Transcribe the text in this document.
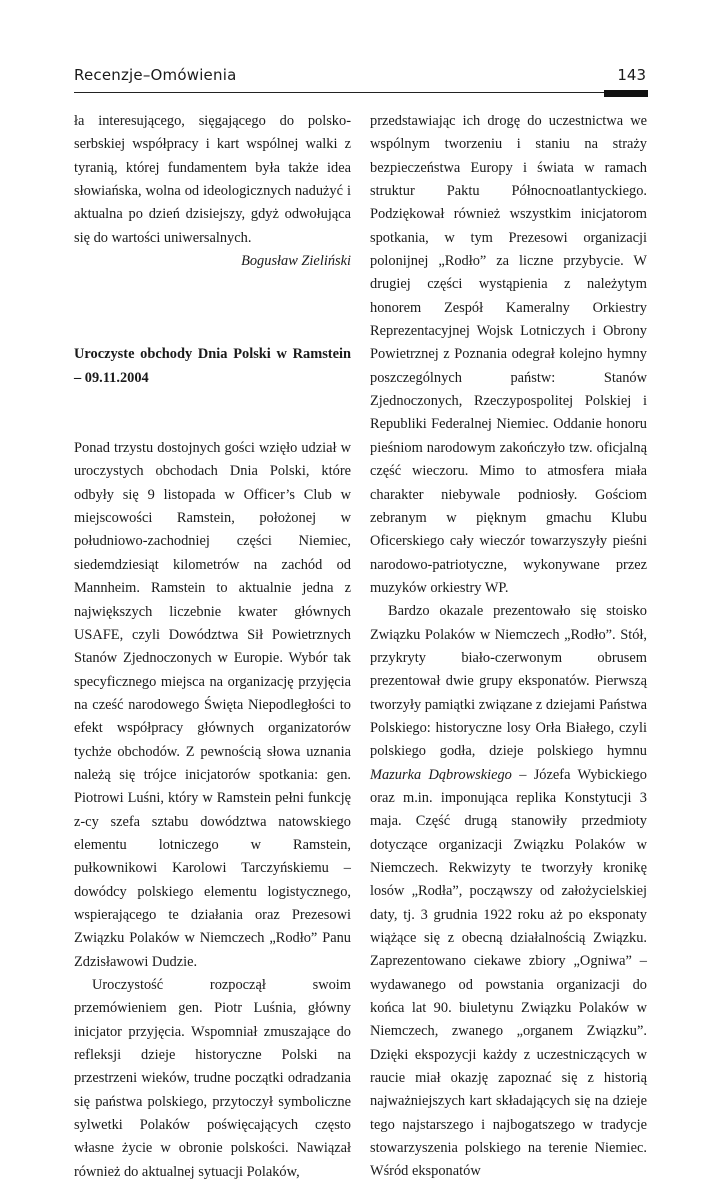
Recenzje–Omówienia	143

ła interesującego, sięgającego do polsko-serbskiej współpracy i kart wspólnej walki z tyranią, której fundamentem była także idea słowiańska, wolna od ideologicznych nadużyć i aktualna po dzień dzisiejszy, gdyż odwołująca się do wartości uniwersalnych.

Bogusław Zieliński

Uroczyste obchody Dnia Polski w Ramstein – 09.11.2004

Ponad trzystu dostojnych gości wzięło udział w uroczystych obchodach Dnia Polski, które odbyły się 9 listopada w Officer’s Club w miejscowości Ramstein, położonej w południowo-zachodniej części Niemiec, siedemdziesiąt kilometrów na zachód od Mannheim. Ramstein to aktualnie jedna z największych liczebnie kwater głównych USAFE, czyli Dowództwa Sił Powietrznych Stanów Zjednoczonych w Europie. Wybór tak specyficznego miejsca na organizację przyjęcia na cześć narodowego Święta Niepodległości to efekt współpracy głównych organizatorów tychże obchodów. Z pewnością słowa uznania należą się trójce inicjatorów spotkania: gen. Piotrowi Luśni, który w Ramstein pełni funkcję z-cy szefa sztabu dowództwa natowskiego elementu lotniczego w Ramstein, pułkownikowi Karolowi Tarczyńskiemu – dowódcy polskiego elementu logistycznego, wspierającego te działania oraz Prezesowi Związku Polaków w Niemczech „Rodło” Panu Zdzisławowi Dudzie.

Uroczystość rozpoczął swoim przemówieniem gen. Piotr Luśnia, główny inicjator przyjęcia. Wspomniał zmuszające do refleksji dzieje historyczne Polski na przestrzeni wieków, trudne początki odradzania się państwa polskiego, przytoczył symboliczne sylwetki Polaków poświęcających często własne życie w obronie polskości. Nawiązał również do aktualnej sytuacji Polaków,

przedstawiając ich drogę do uczestnictwa we wspólnym tworzeniu i staniu na straży bezpieczeństwa Europy i świata w ramach struktur Paktu Północnoatlantyckiego. Podziękował również wszystkim inicjatorom spotkania, w tym Prezesowi organizacji polonijnej „Rodło” za liczne przybycie. W drugiej części wystąpienia z należytym honorem Zespół Kameralny Orkiestry Reprezentacyjnej Wojsk Lotniczych i Obrony Powietrznej z Poznania odegrał kolejno hymny poszczególnych państw: Stanów Zjednoczonych, Rzeczypospolitej Polskiej i Republiki Federalnej Niemiec. Oddanie honoru pieśniom narodowym zakończyło tzw. oficjalną część wieczoru. Mimo to atmosfera miała charakter niebywale podniosły. Gościom zebranym w pięknym gmachu Klubu Oficerskiego cały wieczór towarzyszyły pieśni narodowo-patriotyczne, wykonywane przez muzyków orkiestry WP.

Bardzo okazale prezentowało się stoisko Związku Polaków w Niemczech „Rodło”. Stół, przykryty biało-czerwonym obrusem prezentował dwie grupy eksponatów. Pierwszą tworzyły pamiątki związane z dziejami Państwa Polskiego: historyczne losy Orła Białego, czyli polskiego godła, dzieje polskiego hymnu Mazurka Dąbrowskiego – Józefa Wybickiego oraz m.in. imponująca replika Konstytucji 3 maja. Część drugą stanowiły przedmioty dotyczące organizacji Związku Polaków w Niemczech. Rekwizyty te tworzyły kronikę losów „Rodła”, począwszy od założycielskiej daty, tj. 3 grudnia 1922 roku aż po eksponaty wiążące się z obecną działalnością Związku. Zaprezentowano ciekawe zbiory „Ogniwa” – wydawanego od powstania organizacji do końca lat 90. biuletynu Związku Polaków w Niemczech, zwanego „organem Związku”. Dzięki ekspozycji każdy z uczestniczących w raucie miał okazję zapoznać się z historią najważniejszych kart składających się na dzieje tego najstarszego i najbogatszego w tradycje stowarzyszenia polskiego na terenie Niemiec. Wśród eksponatów
